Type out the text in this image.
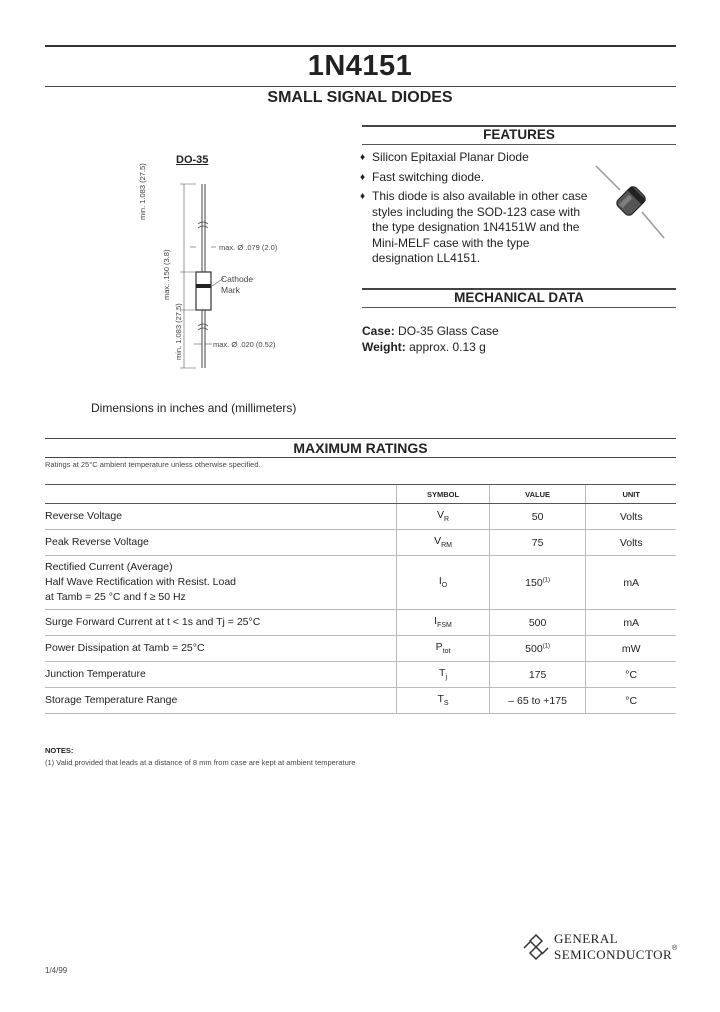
1N4151
SMALL SIGNAL DIODES
DO-35
min. 1.083 (27.5)
max. .150 (3.8)
min. 1.083 (27.5)
max. Ø .079 (2.0)
max. Ø .020 (0.52)
Cathode
Mark
Dimensions in inches and (millimeters)
FEATURES
♦ Silicon Epitaxial Planar Diode
♦ Fast switching diode.
♦ This diode is also available in other case styles including the SOD-123 case with the type designation 1N4151W and the Mini-MELF case with the type designation LL4151.
MECHANICAL DATA
Case: DO-35 Glass Case
Weight: approx. 0.13 g
MAXIMUM RATINGS
Ratings at 25°C ambient temperature unless otherwise specified.
	SYMBOL	VALUE	UNIT

Reverse Voltage	$V_R$	50	Volts

Peak Reverse Voltage	$V_{RM}$	75	Volts

Rectified Current (Average)
Half Wave Rectification with Resist. Load
at Tamb = 25 °C and f ≥ 50 Hz	$I_O$	150$^{(1)}$	mA

Surge Forward Current at t < 1s and Tj = 25°C	$I_{FSM}$	500	mA

Power Dissipation at Tamb = 25°C	$P_{tot}$	500$^{(1)}$	mW

Junction Temperature	$T_j$	175	°C

Storage Temperature Range	$T_S$	– 65 to +175	°C
NOTES:
(1) Valid provided that leads at a distance of 8 mm from case are kept at ambient temperature
1/4/99
GENERAL
SEMICONDUCTOR ®
